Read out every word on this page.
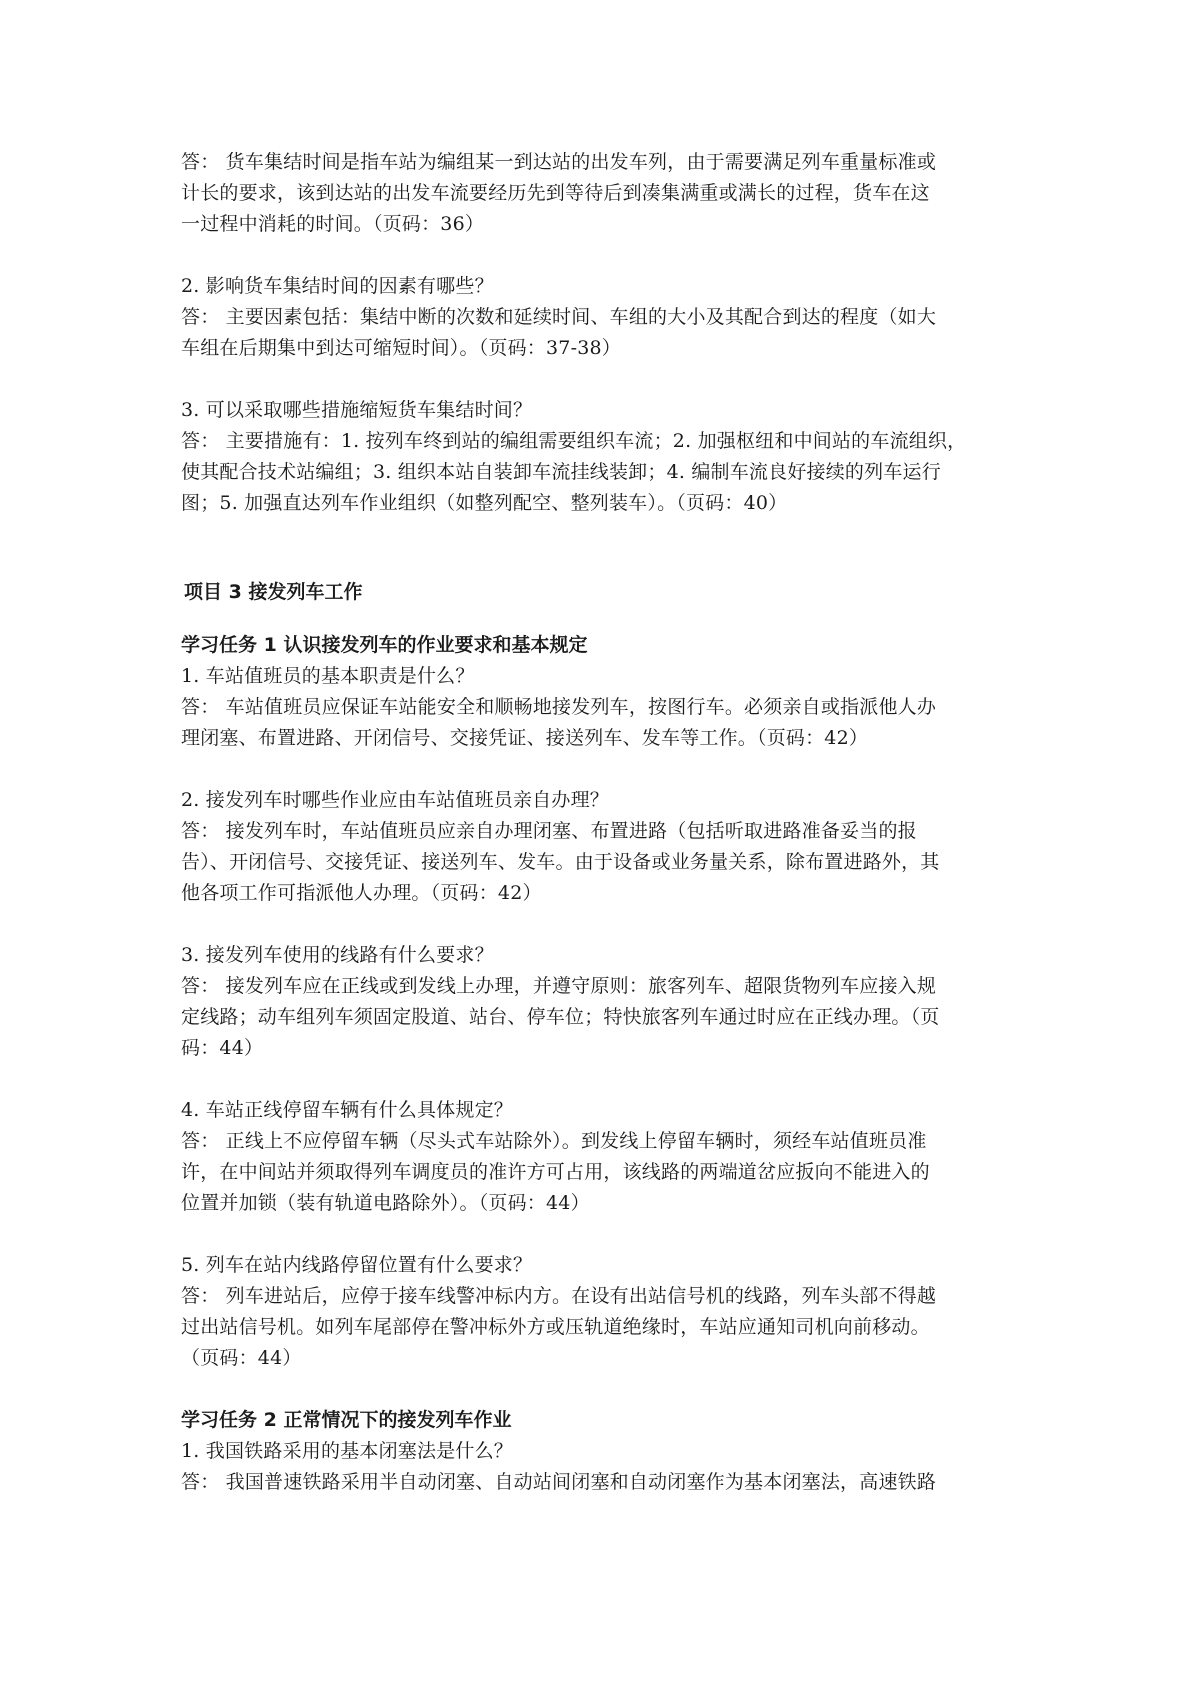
答： 货车集结时间是指车站为编组某一到达站的出发车列，由于需要满足列车重量标准或
计长的要求，该到达站的出发车流要经历先到等待后到凑集满重或满长的过程，货车在这
一过程中消耗的时间。（页码：36）
2. 影响货车集结时间的因素有哪些？
答： 主要因素包括：集结中断的次数和延续时间、车组的大小及其配合到达的程度（如大
车组在后期集中到达可缩短时间）。（页码：37-38）
3. 可以采取哪些措施缩短货车集结时间？
答： 主要措施有：1. 按列车终到站的编组需要组织车流；2. 加强枢纽和中间站的车流组织，
使其配合技术站编组；3. 组织本站自装卸车流挂线装卸；4. 编制车流良好接续的列车运行
图；5. 加强直达列车作业组织（如整列配空、整列装车）。（页码：40）
项目 3 接发列车工作
学习任务 1 认识接发列车的作业要求和基本规定
1. 车站值班员的基本职责是什么？
答： 车站值班员应保证车站能安全和顺畅地接发列车，按图行车。必须亲自或指派他人办
理闭塞、布置进路、开闭信号、交接凭证、接送列车、发车等工作。（页码：42）
2. 接发列车时哪些作业应由车站值班员亲自办理？
答： 接发列车时，车站值班员应亲自办理闭塞、布置进路（包括听取进路准备妥当的报
告）、开闭信号、交接凭证、接送列车、发车。由于设备或业务量关系，除布置进路外，其
他各项工作可指派他人办理。（页码：42）
3. 接发列车使用的线路有什么要求？
答： 接发列车应在正线或到发线上办理，并遵守原则：旅客列车、超限货物列车应接入规
定线路；动车组列车须固定股道、站台、停车位；特快旅客列车通过时应在正线办理。（页
码：44）
4. 车站正线停留车辆有什么具体规定？
答： 正线上不应停留车辆（尽头式车站除外）。到发线上停留车辆时，须经车站值班员准
许，在中间站并须取得列车调度员的准许方可占用，该线路的两端道岔应扳向不能进入的
位置并加锁（装有轨道电路除外）。（页码：44）
5. 列车在站内线路停留位置有什么要求？
答： 列车进站后，应停于接车线警冲标内方。在设有出站信号机的线路，列车头部不得越
过出站信号机。如列车尾部停在警冲标外方或压轨道绝缘时，车站应通知司机向前移动。
（页码：44）
学习任务 2 正常情况下的接发列车作业
1. 我国铁路采用的基本闭塞法是什么？
答： 我国普速铁路采用半自动闭塞、自动站间闭塞和自动闭塞作为基本闭塞法，高速铁路
